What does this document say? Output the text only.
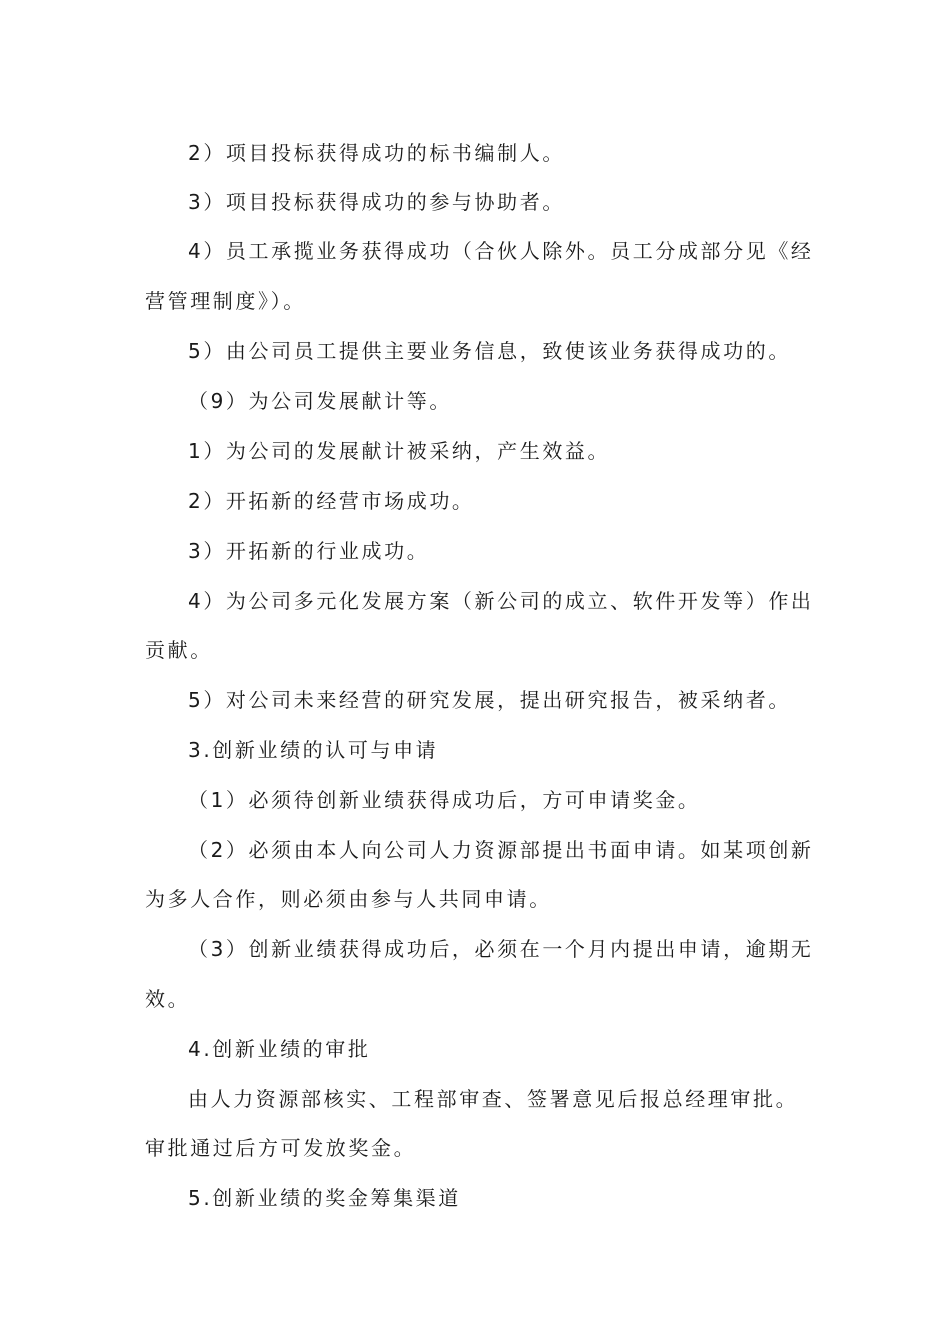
2）项目投标获得成功的标书编制人。
3）项目投标获得成功的参与协助者。
4）员工承揽业务获得成功（合伙人除外。员工分成部分见《经
营管理制度》）。
5）由公司员工提供主要业务信息，致使该业务获得成功的。
（9）为公司发展献计等。
1）为公司的发展献计被采纳，产生效益。
2）开拓新的经营市场成功。
3）开拓新的行业成功。
4）为公司多元化发展方案（新公司的成立、软件开发等）作出
贡献。
5）对公司未来经营的研究发展，提出研究报告，被采纳者。
3.创新业绩的认可与申请
（1）必须待创新业绩获得成功后，方可申请奖金。
（2）必须由本人向公司人力资源部提出书面申请。如某项创新
为多人合作，则必须由参与人共同申请。
（3）创新业绩获得成功后，必须在一个月内提出申请，逾期无
效。
4.创新业绩的审批
由人力资源部核实、工程部审查、签署意见后报总经理审批。
审批通过后方可发放奖金。
5.创新业绩的奖金筹集渠道
